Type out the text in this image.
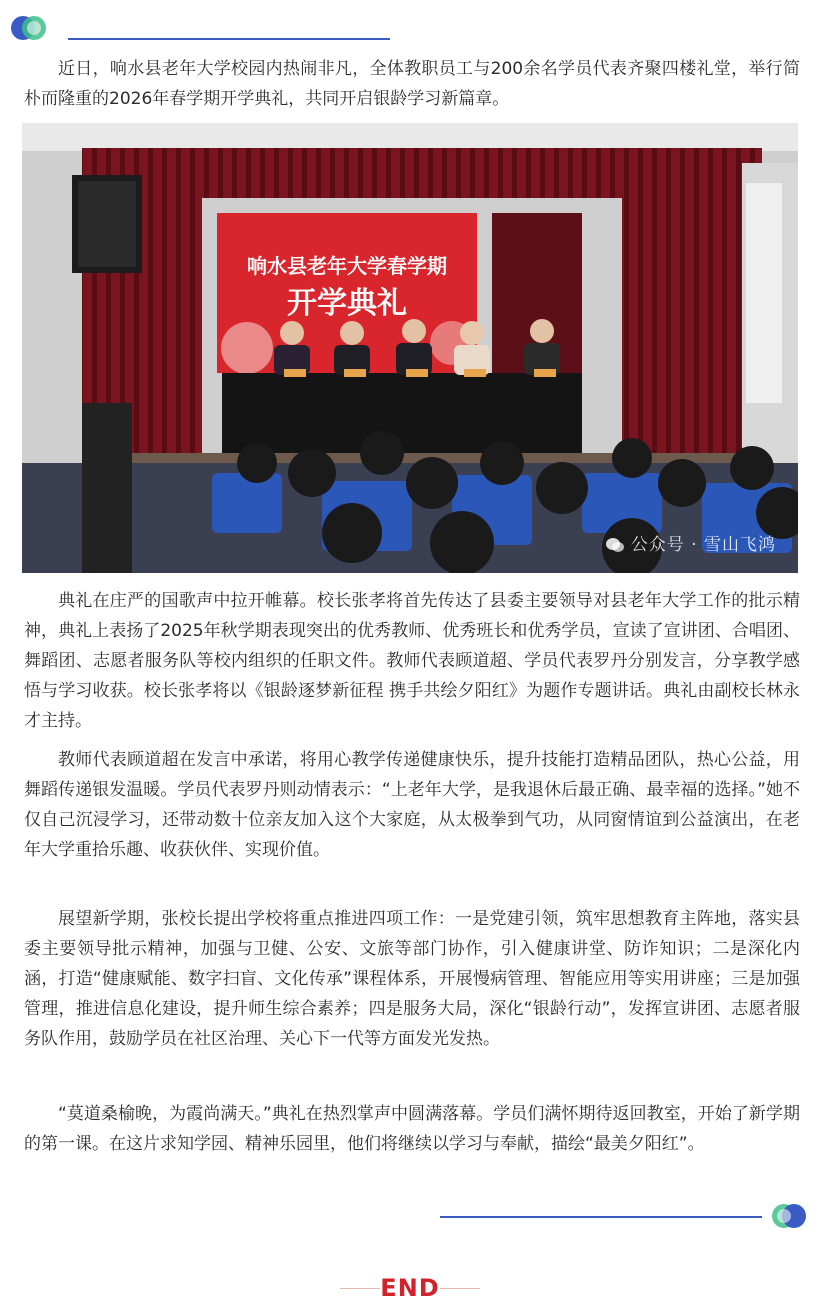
近日，响水县老年大学校园内热闹非凡，全体教职员工与200余名学员代表齐聚四楼礼堂，举行简朴而隆重的2026年春学期开学典礼，共同开启银龄学习新篇章。

响水县老年大学春学期
开学典礼
公众号 · 雪山飞鸿

典礼在庄严的国歌声中拉开帷幕。校长张孝将首先传达了县委主要领导对县老年大学工作的批示精神，典礼上表扬了2025年秋学期表现突出的优秀教师、优秀班长和优秀学员，宣读了宣讲团、合唱团、舞蹈团、志愿者服务队等校内组织的任职文件。教师代表顾道超、学员代表罗丹分别发言，分享教学感悟与学习收获。校长张孝将以《银龄逐梦新征程 携手共绘夕阳红》为题作专题讲话。典礼由副校长林永才主持。

教师代表顾道超在发言中承诺，将用心教学传递健康快乐，提升技能打造精品团队，热心公益，用舞蹈传递银发温暖。学员代表罗丹则动情表示：“上老年大学，是我退休后最正确、最幸福的选择。”她不仅自己沉浸学习，还带动数十位亲友加入这个大家庭，从太极拳到气功，从同窗情谊到公益演出，在老年大学重拾乐趣、收获伙伴、实现价值。

展望新学期，张校长提出学校将重点推进四项工作：一是党建引领，筑牢思想教育主阵地，落实县委主要领导批示精神，加强与卫健、公安、文旅等部门协作，引入健康讲堂、防诈知识；二是深化内涵，打造“健康赋能、数字扫盲、文化传承”课程体系，开展慢病管理、智能应用等实用讲座；三是加强管理，推进信息化建设，提升师生综合素养；四是服务大局，深化“银龄行动”，发挥宣讲团、志愿者服务队作用，鼓励学员在社区治理、关心下一代等方面发光发热。

“莫道桑榆晚，为霞尚满天。”典礼在热烈掌声中圆满落幕。学员们满怀期待返回教室，开始了新学期的第一课。在这片求知学园、精神乐园里，他们将继续以学习与奉献，描绘“最美夕阳红”。

END
